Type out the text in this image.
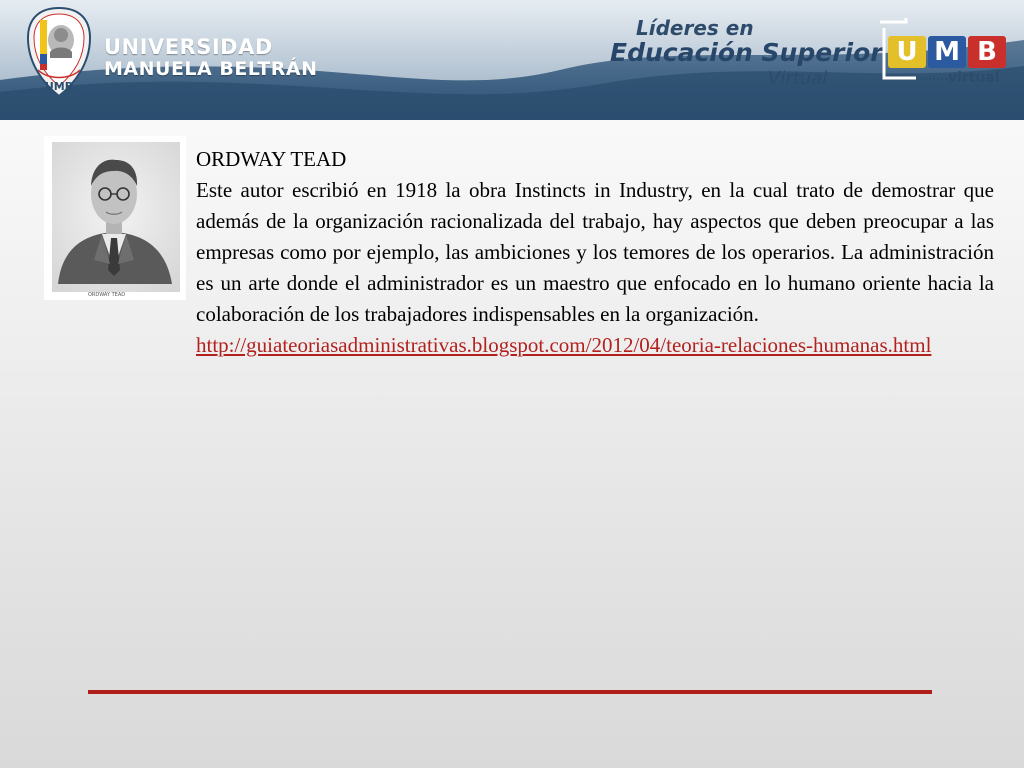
UMB
UNIVERSIDAD
MANUELA BELTRÁN
Líderes en
Educación Superior
Virtual
U M B
••••••••
virtual
ORDWAY TEAD
ORDWAY TEAD
Este autor escribió en 1918 la obra Instincts in Industry, en la cual trato de demostrar que además de la organización racionalizada del trabajo, hay aspectos que deben preocupar a las empresas como por ejemplo, las ambiciones y los temores de los operarios. La administración es un arte donde el administrador es un maestro que enfocado en lo humano oriente hacia la colaboración de los trabajadores indispensables en la organización.
http://guiateoriasadministrativas.blogspot.com/2012/04/teoria-relaciones-humanas.html
